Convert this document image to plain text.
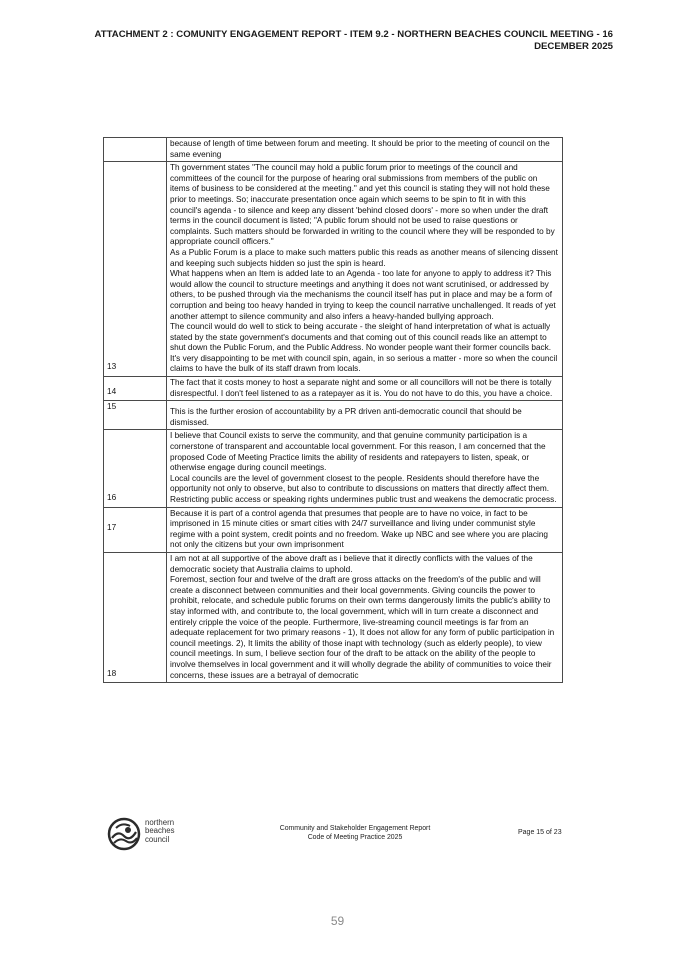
ATTACHMENT 2 : COMUNITY ENGAGEMENT REPORT - ITEM 9.2 - NORTHERN BEACHES COUNCIL MEETING - 16
DECEMBER 2025

	because of length of time between forum and meeting. It should be prior to the meeting of council on the same evening

13	Th government states "The council may hold a public forum prior to meetings of the council and committees of the council for the purpose of hearing oral submissions from members of the public on items of business to be considered at the meeting." and yet this council is stating they will not hold these prior to meetings. So; inaccurate presentation once again which seems to be spin to fit in with this council's agenda - to silence and keep any dissent 'behind closed doors' - more so when under the draft terms in the council document is listed; "A public forum should not be used to raise questions or complaints. Such matters should be forwarded in writing to the council where they will be responded to by appropriate council officers."

As a Public Forum is a place to make such matters public this reads as another means of silencing dissent and keeping such subjects hidden so just the spin is heard.

What happens when an Item is added late to an Agenda - too late for anyone to apply to address it? This would allow the council to structure meetings and anything it does not want scrutinised, or addressed by others, to be pushed through via the mechanisms the council itself has put in place and may be a form of corruption and being too heavy handed in trying to keep the council narrative unchallenged. It reads of yet another attempt to silence community and also infers a heavy-handed bullying approach.

The council would do well to stick to being accurate - the sleight of hand interpretation of what is actually stated by the state government's documents and that coming out of this council reads like an attempt to shut down the Public Forum, and the Public Address. No wonder people want their former councils back. It's very disappointing to be met with council spin, again, in so serious a matter - more so when the council claims to have the bulk of its staff drawn from locals.

14	The fact that it costs money to host a separate night and some or all councillors will not be there is totally disrespectful. I don't feel listened to as a ratepayer as it is. You do not have to do this, you have a choice.

15	This is the further erosion of accountability by a PR driven anti-democratic council that should be dismissed.

16	I believe that Council exists to serve the community, and that genuine community participation is a cornerstone of transparent and accountable local government. For this reason, I am concerned that the proposed Code of Meeting Practice limits the ability of residents and ratepayers to listen, speak, or otherwise engage during council meetings.

Local councils are the level of government closest to the people. Residents should therefore have the opportunity not only to observe, but also to contribute to discussions on matters that directly affect them. Restricting public access or speaking rights undermines public trust and weakens the democratic process.

17	Because it is part of a control agenda that presumes that people are to have no voice, in fact to be imprisoned in 15 minute cities or smart cities with 24/7 surveillance and living under communist style regime with a point system, credit points and no freedom. Wake up NBC and see where you are placing not only the citizens but your own imprisonment

18	I am not at all supportive of the above draft as i believe that it directly conflicts with the values of the democratic society that Australia claims to uphold.

Foremost, section four and twelve of the draft are gross attacks on the freedom's of the public and will create a disconnect between communities and their local governments. Giving councils the power to prohibit, relocate, and schedule public forums on their own terms dangerously limits the public's ability to stay informed with, and contribute to, the local government, which will in turn create a disconnect and entirely cripple the voice of the people. Furthermore, live-streaming council meetings is far from an adequate replacement for two primary reasons - 1), It does not allow for any form of public participation in council meetings. 2), It limits the ability of those inapt with technology (such as elderly people), to view council meetings. In sum, I believe section four of the draft to be attack on the ability of the people to involve themselves in local government and it will wholly degrade the ability of communities to voice their concerns, these issues are a betrayal of democratic

northern
beaches
council
Community and Stakeholder Engagement Report
Code of Meeting Practice 2025
Page 15 of 23
59
